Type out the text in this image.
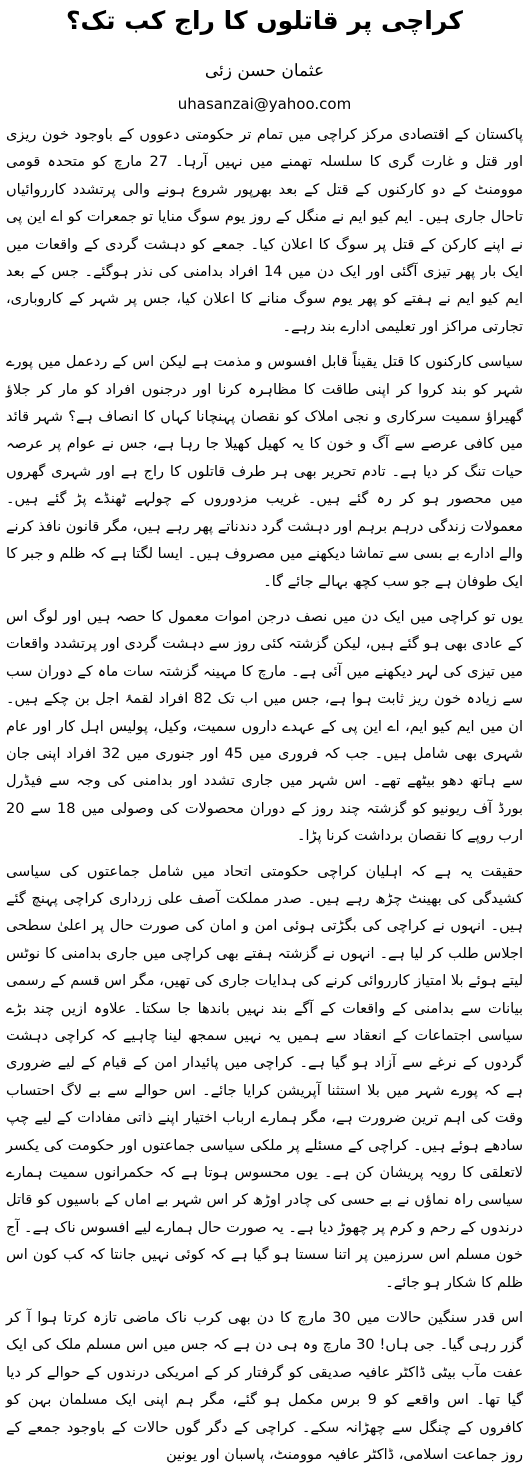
کراچی پر قاتلوں کا راج کب تک؟
عثمان حسن زئی
uhasanzai@yahoo.com

پاکستان کے اقتصادی مرکز کراچی میں تمام تر حکومتی دعووں کے باوجود خون ریزی اور قتل و غارت گری کا سلسلہ تھمنے میں نہیں آرہا۔ 27 مارچ کو متحدہ قومی موومنٹ کے دو کارکنوں کے قتل کے بعد بھرپور شروع ہونے والی پرتشدد کارروائیاں تاحال جاری ہیں۔ ایم کیو ایم نے منگل کے روز یوم سوگ منایا تو جمعرات کو اے این پی نے اپنے کارکن کے قتل پر سوگ کا اعلان کیا۔ جمعے کو دہشت گردی کے واقعات میں ایک بار پھر تیزی آگئی اور ایک دن میں 14 افراد بدامنی کی نذر ہوگئے۔ جس کے بعد ایم کیو ایم نے ہفتے کو پھر یوم سوگ منانے کا اعلان کیا، جس پر شہر کے کاروباری، تجارتی مراکز اور تعلیمی ادارے بند رہے۔

سیاسی کارکنوں کا قتل یقیناً قابل افسوس و مذمت ہے لیکن اس کے ردعمل میں پورے شہر کو بند کروا کر اپنی طاقت کا مظاہرہ کرنا اور درجنوں افراد کو مار کر جلاؤ گھیراؤ سمیت سرکاری و نجی املاک کو نقصان پہنچانا کہاں کا انصاف ہے؟ شہر قائد میں کافی عرصے سے آگ و خون کا یہ کھیل کھیلا جا رہا ہے، جس نے عوام پر عرصہ حیات تنگ کر دیا ہے۔ تادم تحریر بھی ہر طرف قاتلوں کا راج ہے اور شہری گھروں میں محصور ہو کر رہ گئے ہیں۔ غریب مزدوروں کے چولہے ٹھنڈے پڑ گئے ہیں۔ معمولات زندگی درہم برہم اور دہشت گرد دندناتے پھر رہے ہیں، مگر قانون نافذ کرنے والے ادارے بے بسی سے تماشا دیکھنے میں مصروف ہیں۔ ایسا لگتا ہے کہ ظلم و جبر کا ایک طوفان ہے جو سب کچھ بہالے جائے گا۔

یوں تو کراچی میں ایک دن میں نصف درجن اموات معمول کا حصہ ہیں اور لوگ اس کے عادی بھی ہو گئے ہیں، لیکن گزشتہ کئی روز سے دہشت گردی اور پرتشدد واقعات میں تیزی کی لہر دیکھنے میں آئی ہے۔ مارچ کا مہینہ گزشتہ سات ماہ کے دوران سب سے زیادہ خون ریز ثابت ہوا ہے، جس میں اب تک 82 افراد لقمۂ اجل بن چکے ہیں۔ ان میں ایم کیو ایم، اے این پی کے عہدے داروں سمیت، وکیل، پولیس اہل کار اور عام شہری بھی شامل ہیں۔ جب کہ فروری میں 45 اور جنوری میں 32 افراد اپنی جان سے ہاتھ دھو بیٹھے تھے۔ اس شہر میں جاری تشدد اور بدامنی کی وجہ سے فیڈرل بورڈ آف ریونیو کو گزشتہ چند روز کے دوران محصولات کی وصولی میں 18 سے 20 ارب روپے کا نقصان برداشت کرنا پڑا۔

حقیقت یہ ہے کہ اہلیان کراچی حکومتی اتحاد میں شامل جماعتوں کی سیاسی کشیدگی کی بھینٹ چڑھ رہے ہیں۔ صدر مملکت آصف علی زرداری کراچی پہنچ گئے ہیں۔ انہوں نے کراچی کی بگڑتی ہوئی امن و امان کی صورت حال پر اعلیٰ سطحی اجلاس طلب کر لیا ہے۔ انہوں نے گزشتہ ہفتے بھی کراچی میں جاری بدامنی کا نوٹس لیتے ہوئے بلا امتیاز کارروائی کرنے کی ہدایات جاری کی تھیں، مگر اس قسم کے رسمی بیانات سے بدامنی کے واقعات کے آگے بند نہیں باندھا جا سکتا۔ علاوہ ازیں چند بڑے سیاسی اجتماعات کے انعقاد سے ہمیں یہ نہیں سمجھ لینا چاہیے کہ کراچی دہشت گردوں کے نرغے سے آزاد ہو گیا ہے۔ کراچی میں پائیدار امن کے قیام کے لیے ضروری ہے کہ پورے شہر میں بلا استثنا آپریشن کرایا جائے۔ اس حوالے سے بے لاگ احتساب وقت کی اہم ترین ضرورت ہے، مگر ہمارے ارباب اختیار اپنے ذاتی مفادات کے لیے چپ سادھے ہوئے ہیں۔ کراچی کے مسئلے پر ملکی سیاسی جماعتوں اور حکومت کی یکسر لاتعلقی کا رویہ پریشان کن ہے۔ یوں محسوس ہوتا ہے کہ حکمرانوں سمیت ہمارے سیاسی راہ نماؤں نے بے حسی کی چادر اوڑھ کر اس شہر بے اماں کے باسیوں کو قاتل درندوں کے رحم و کرم پر چھوڑ دیا ہے۔ یہ صورت حال ہمارے لیے افسوس ناک ہے۔ آج خون مسلم اس سرزمین پر اتنا سستا ہو گیا ہے کہ کوئی نہیں جانتا کہ کب کون اس ظلم کا شکار ہو جائے۔

اس قدر سنگین حالات میں 30 مارچ کا دن بھی کرب ناک ماضی تازہ کرتا ہوا آ کر گزر رہی گیا۔ جی ہاں! 30 مارچ وہ ہی دن ہے کہ جس میں اس مسلم ملک کی ایک عفت مآب بیٹی ڈاکٹر عافیہ صدیقی کو گرفتار کر کے امریکی درندوں کے حوالے کر دیا گیا تھا۔ اس واقعے کو 9 برس مکمل ہو گئے، مگر ہم اپنی ایک مسلمان بہن کو کافروں کے چنگل سے چھڑانہ سکے۔ کراچی کے دگر گوں حالات کے باوجود جمعے کے روز جماعت اسلامی، ڈاکٹر عافیہ موومنٹ، پاسبان اور یونین
